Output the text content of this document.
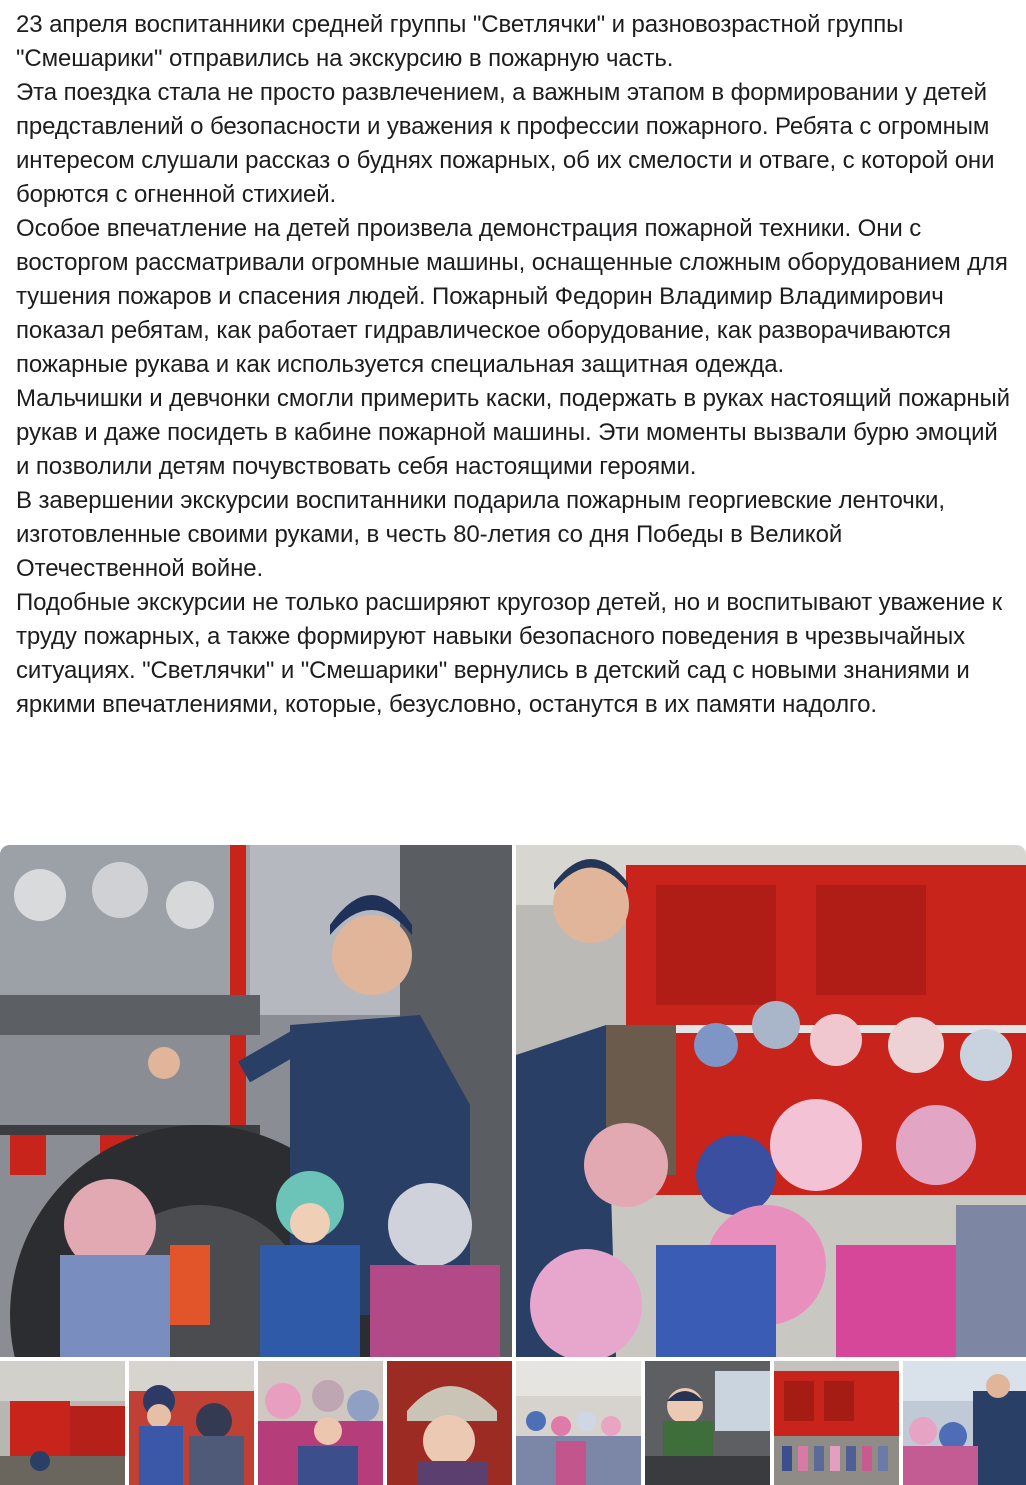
23 апреля воспитанники средней группы "Светлячки" и разновозрастной группы "Смешарики" отправились на экскурсию в пожарную часть.

Эта поездка стала не просто развлечением, а важным этапом в формировании у детей представлений о безопасности и уважения к профессии пожарного. Ребята с огромным интересом слушали рассказ о буднях пожарных, об их смелости и отваге, с которой они борются с огненной стихией.

Особое впечатление на детей произвела демонстрация пожарной техники. Они с восторгом рассматривали огромные машины, оснащенные сложным оборудованием для тушения пожаров и спасения людей. Пожарный Федорин Владимир Владимирович показал ребятам, как работает гидравлическое оборудование, как разворачиваются пожарные рукава и как используется специальная защитная одежда.

Мальчишки и девчонки смогли примерить каски, подержать в руках настоящий пожарный рукав и даже посидеть в кабине пожарной машины. Эти моменты вызвали бурю эмоций и позволили детям почувствовать себя настоящими героями.

В завершении экскурсии воспитанники подарила пожарным георгиевские ленточки, изготовленные своими руками, в честь 80-летия со дня Победы в Великой Отечественной войне.

Подобные экскурсии не только расширяют кругозор детей, но и воспитывают уважение к труду пожарных, а также формируют навыки безопасного поведения в чрезвычайных ситуациях. "Светлячки" и "Смешарики" вернулись в детский сад с новыми знаниями и яркими впечатлениями, которые, безусловно, останутся в их памяти надолго.
